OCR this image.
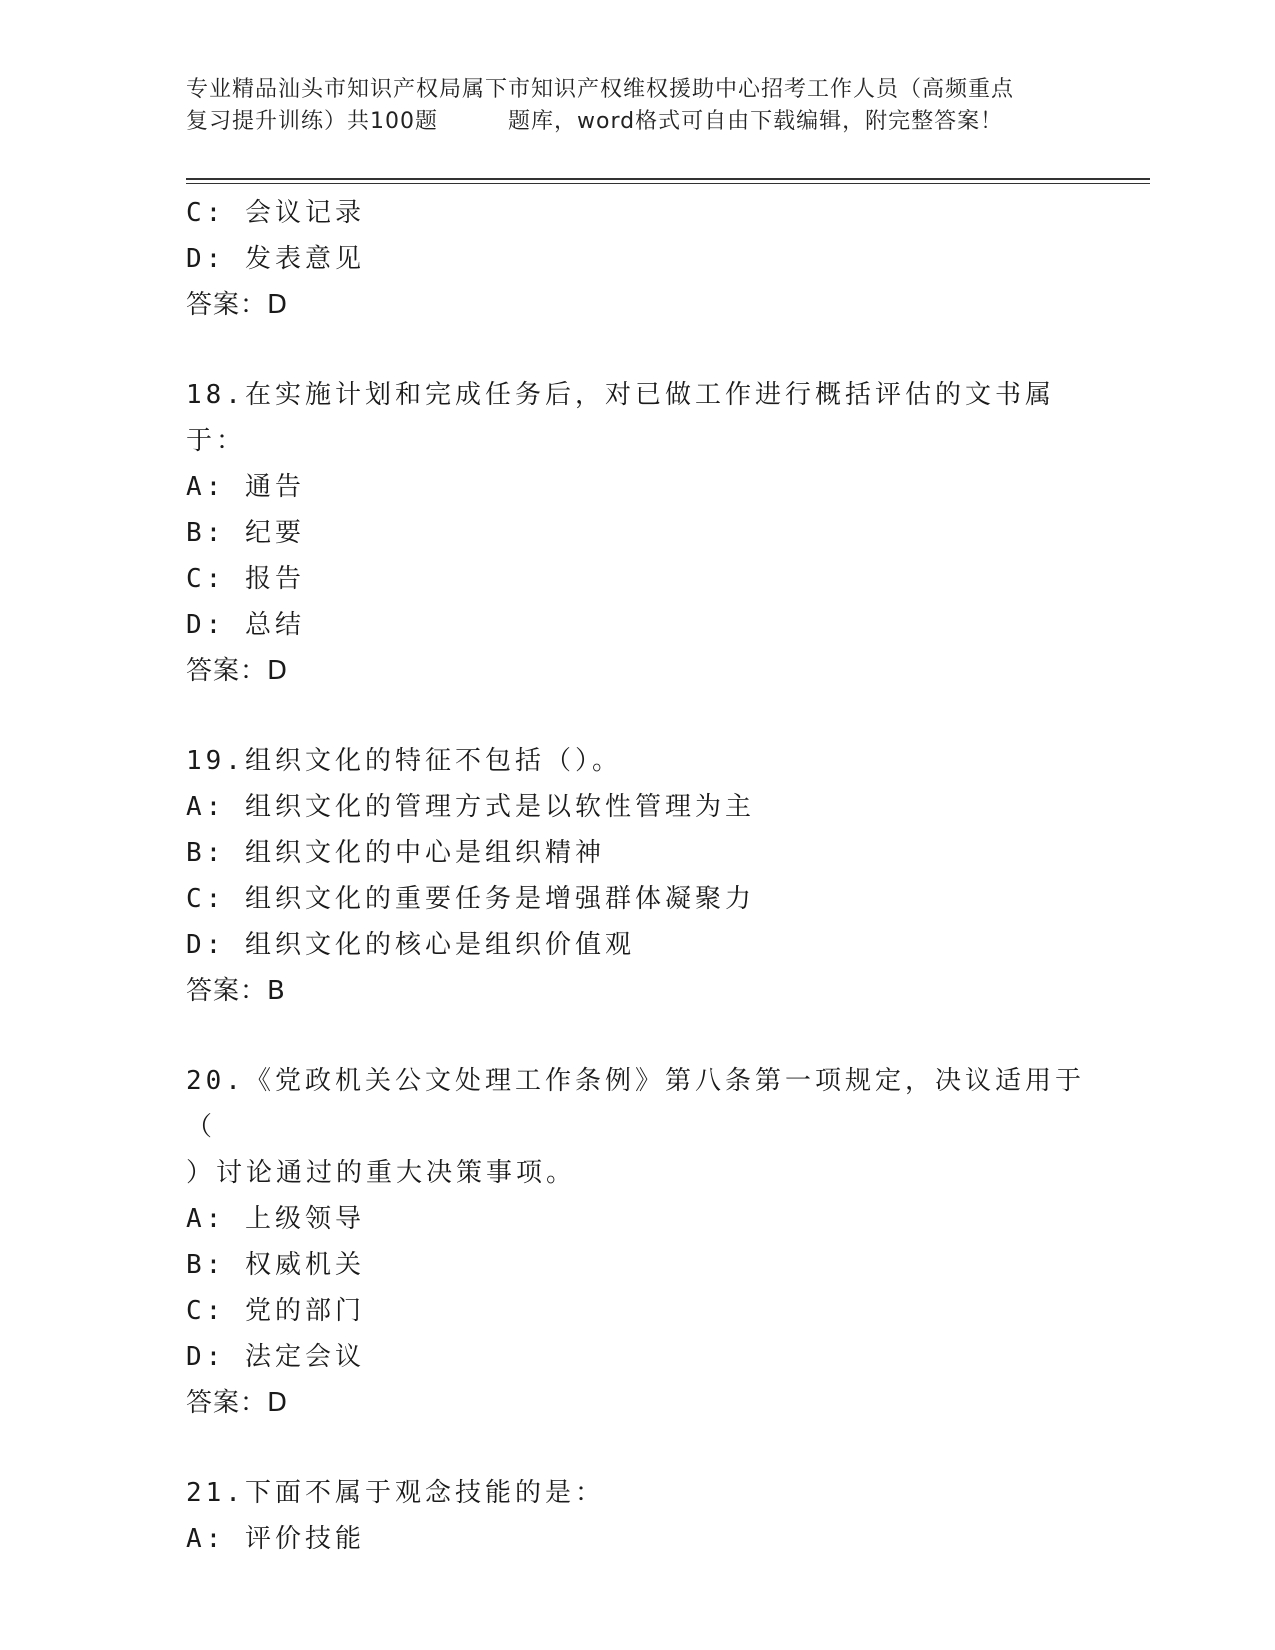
专业精品汕头市知识产权局属下市知识产权维权援助中心招考工作人员（高频重点
复习提升训练）共100题	题库，word格式可自由下载编辑，附完整答案！
C: 会议记录
D: 发表意见
答案：D
18.在实施计划和完成任务后，对已做工作进行概括评估的文书属于：
A: 通告
B: 纪要
C: 报告
D: 总结
答案：D
19.组织文化的特征不包括（）。
A: 组织文化的管理方式是以软性管理为主
B: 组织文化的中心是组织精神
C: 组织文化的重要任务是增强群体凝聚力
D: 组织文化的核心是组织价值观
答案：B
20.《党政机关公文处理工作条例》第八条第一项规定，决议适用于（
）讨论通过的重大决策事项。
A: 上级领导
B: 权威机关
C: 党的部门
D: 法定会议
答案：D
21.下面不属于观念技能的是：
A: 评价技能
